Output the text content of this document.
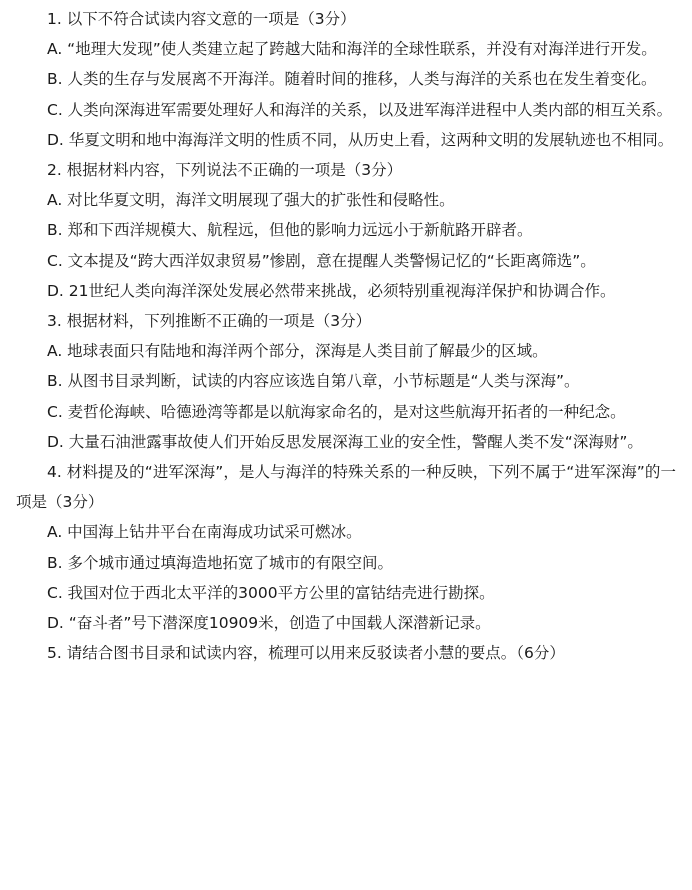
1. 以下不符合试读内容文意的一项是（3分）

A. “地理大发现”使人类建立起了跨越大陆和海洋的全球性联系，并没有对海洋进行开发。

B. 人类的生存与发展离不开海洋。随着时间的推移，人类与海洋的关系也在发生着变化。

C. 人类向深海进军需要处理好人和海洋的关系，以及进军海洋进程中人类内部的相互关系。

D. 华夏文明和地中海海洋文明的性质不同，从历史上看，这两种文明的发展轨迹也不相同。

2. 根据材料内容，下列说法不正确的一项是（3分）

A. 对比华夏文明，海洋文明展现了强大的扩张性和侵略性。

B. 郑和下西洋规模大、航程远，但他的影响力远远小于新航路开辟者。

C. 文本提及“跨大西洋奴隶贸易”惨剧，意在提醒人类警惕记忆的“长距离筛选”。

D. 21世纪人类向海洋深处发展必然带来挑战，必须特别重视海洋保护和协调合作。

3. 根据材料，下列推断不正确的一项是（3分）

A. 地球表面只有陆地和海洋两个部分，深海是人类目前了解最少的区域。

B. 从图书目录判断，试读的内容应该选自第八章，小节标题是“人类与深海”。

C. 麦哲伦海峡、哈德逊湾等都是以航海家命名的，是对这些航海开拓者的一种纪念。

D. 大量石油泄露事故使人们开始反思发展深海工业的安全性，警醒人类不发“深海财”。

4. 材料提及的“进军深海”，是人与海洋的特殊关系的一种反映，下列不属于“进军深海”的一项是（3分）

A. 中国海上钻井平台在南海成功试采可燃冰。

B. 多个城市通过填海造地拓宽了城市的有限空间。

C. 我国对位于西北太平洋的3000平方公里的富钴结壳进行勘探。

D. “奋斗者”号下潜深度10909米，创造了中国载人深潜新记录。

5. 请结合图书目录和试读内容，梳理可以用来反驳读者小慧的要点。（6分）
